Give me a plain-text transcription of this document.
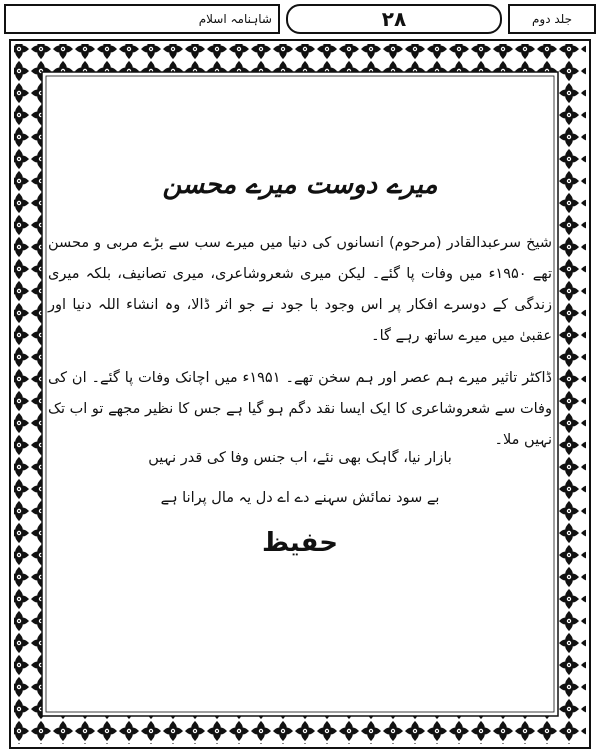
شاہنامہ اسلام	۲۸	جلد دوم
میرے دوست میرے محسن
شیخ سرعبدالقادر (مرحوم) انسانوں کی دنیا میں میرے سب سے بڑے مربی و محسن تھے ۱۹۵۰ء میں وفات پا گئے۔ لیکن میری شعروشاعری، میری تصانیف، بلکہ میری زندگی کے دوسرے افکار پر اس وجود با جود نے جو اثر ڈالا، وہ انشاء اللہ دنیا اور عقبیٰ میں میرے ساتھ رہے گا۔
ڈاکٹر تاثیر میرے ہم عصر اور ہم سخن تھے۔ ۱۹۵۱ء میں اچانک وفات پا گئے۔ ان کی وفات سے شعروشاعری کا ایک ایسا نقد دگم ہو گیا ہے جس کا نظیر مجھے تو اب تک نہیں ملا۔
بازار نیا، گاہک بھی نئے، اب جنس وفا کی قدر نہیں
بے سود نمائش سہنے دے اے دل یہ مال پرانا ہے
حفیظ
